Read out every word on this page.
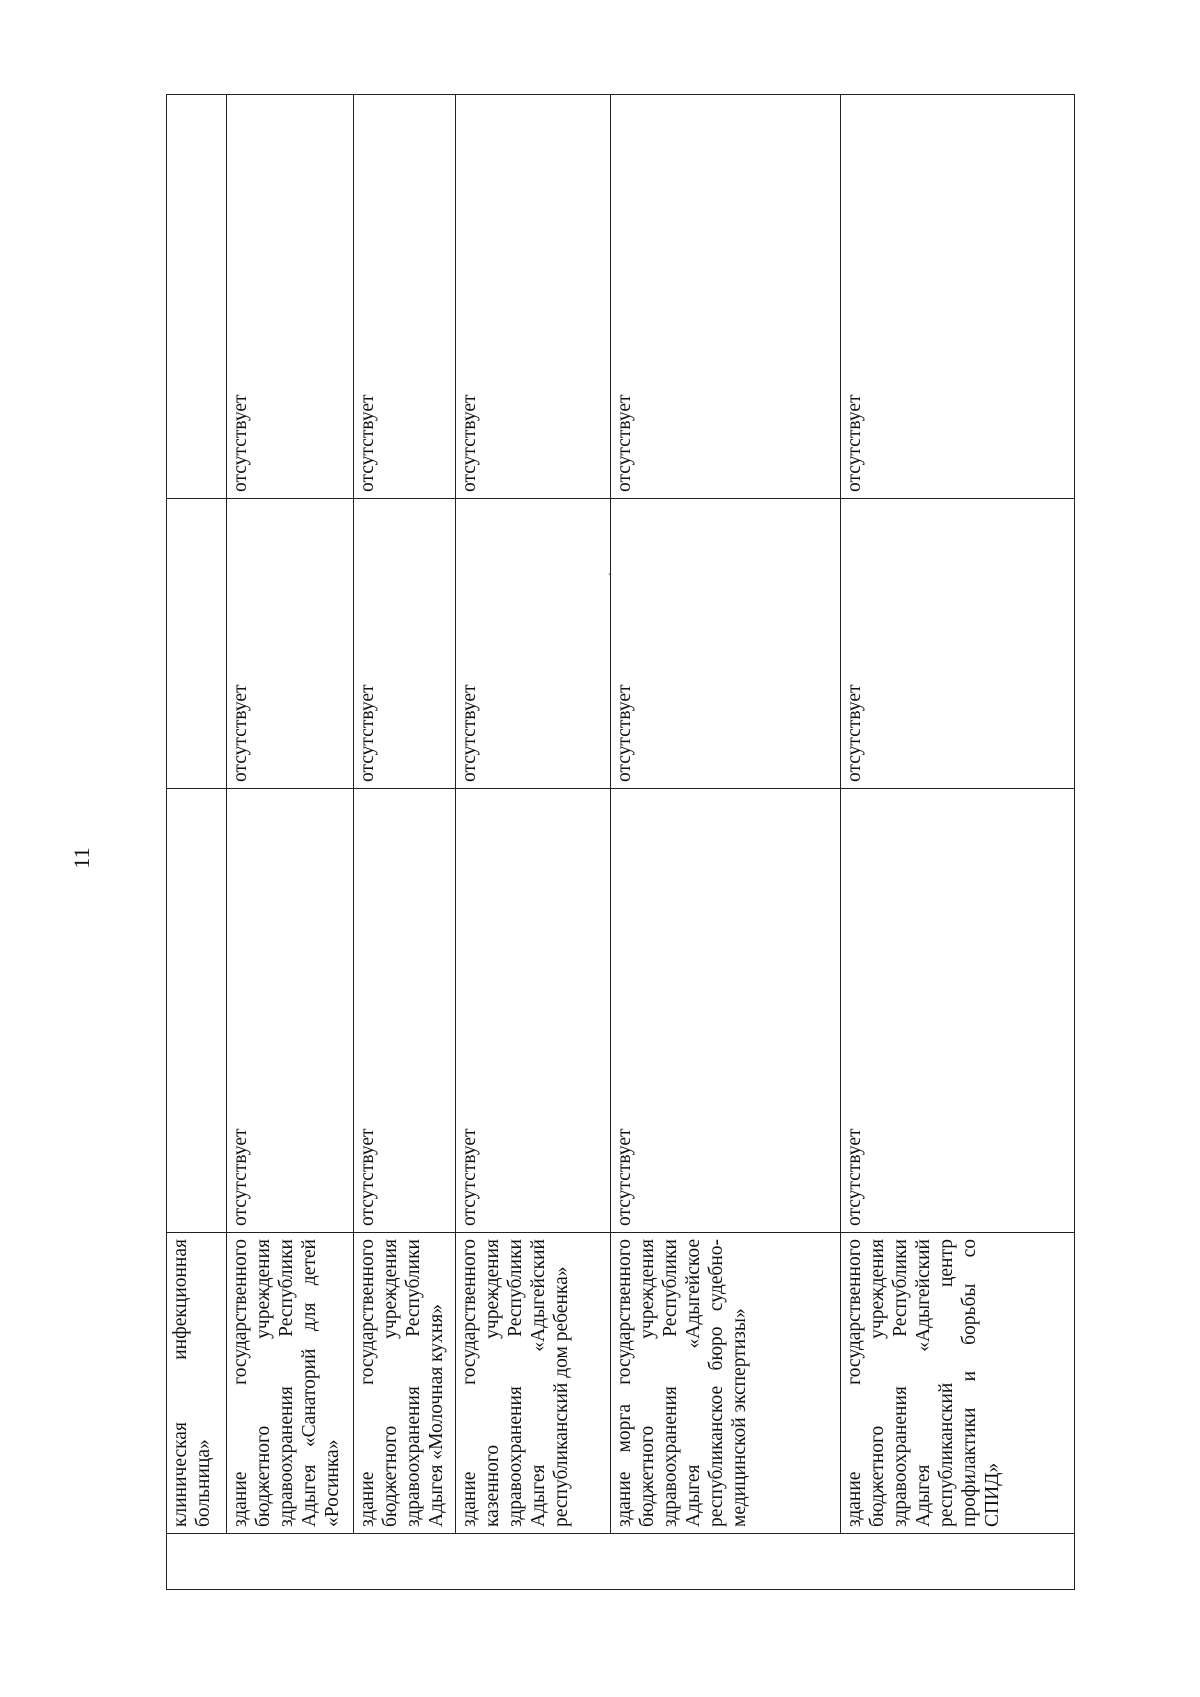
11
	клиническая инфекционная больница»			
	здание государственного бюджетного учреждения здравоохранения Республики Адыгея «Санаторий для детей «Росинка»	отсутствует	отсутствует	отсутствует
	здание государственного бюджетного учреждения здравоохранения Республики Адыгея «Молочная кухня»	отсутствует	отсутствует	отсутствует
	здание государственного казенного учреждения здравоохранения Республики Адыгея «Адыгейский республиканский дом ребенка»	отсутствует	отсутствует	отсутствует
	здание морга государственного бюджетного учреждения здравоохранения Республики Адыгея «Адыгейское республиканское бюро судебно-медицинской экспертизы»	отсутствует	отсутствует	отсутствует
	здание государственного бюджетного учреждения здравоохранения Республики Адыгея «Адыгейский республиканский центр профилактики и борьбы со СПИД»	отсутствует	отсутствует	отсутствует
